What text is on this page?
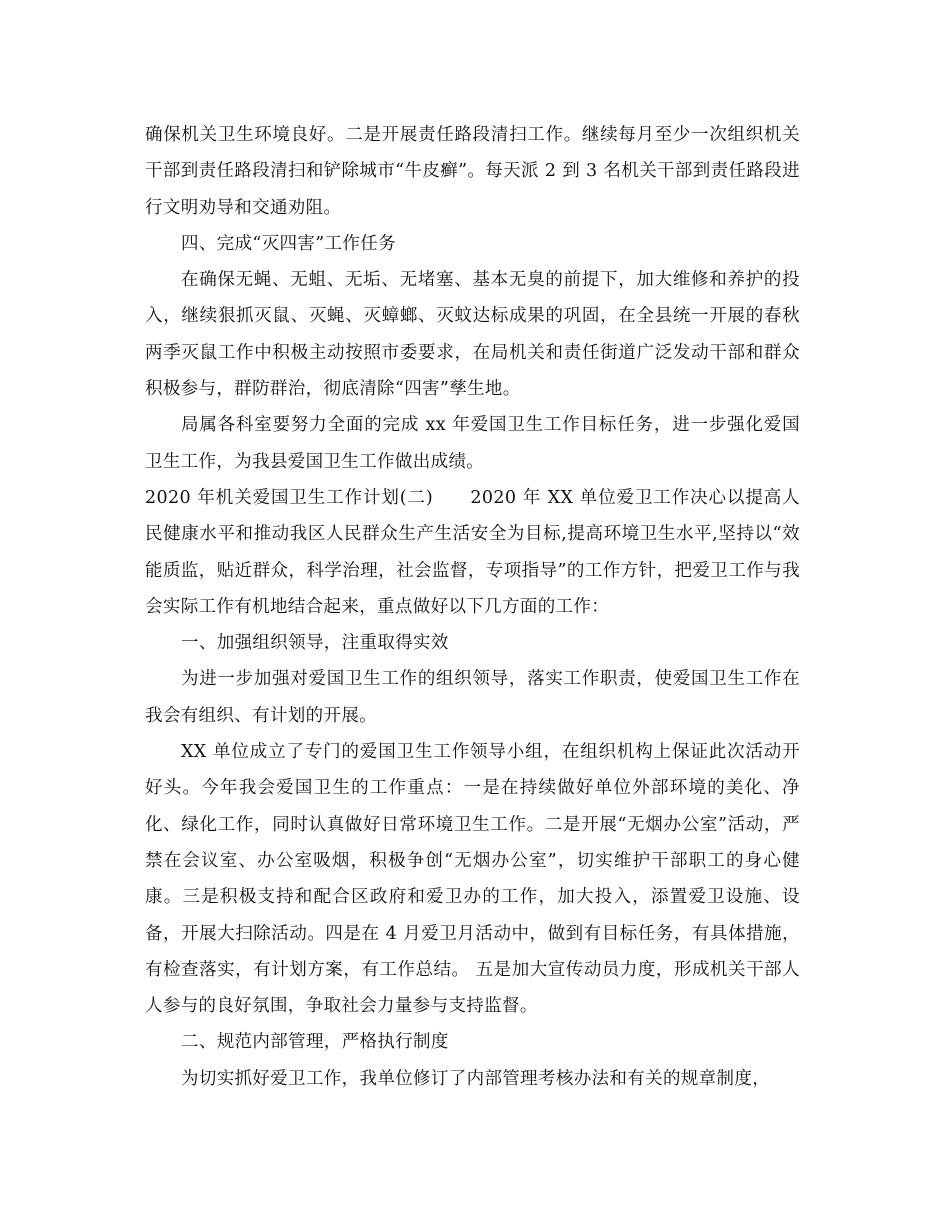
确保机关卫生环境良好。二是开展责任路段清扫工作。继续每月至少一次组织机关干部到责任路段清扫和铲除城市“牛皮癣”。每天派 2 到 3 名机关干部到责任路段进行文明劝导和交通劝阻。

四、完成“灭四害”工作任务

在确保无蝇、无蛆、无垢、无堵塞、基本无臭的前提下，加大维修和养护的投入，继续狠抓灭鼠、灭蝇、灭蟑螂、灭蚊达标成果的巩固，在全县统一开展的春秋两季灭鼠工作中积极主动按照市委要求，在局机关和责任街道广泛发动干部和群众积极参与，群防群治，彻底清除“四害”孳生地。

局属各科室要努力全面的完成 xx 年爱国卫生工作目标任务，进一步强化爱国卫生工作，为我县爱国卫生工作做出成绩。

2020 年机关爱国卫生工作计划(二)　　2020 年 XX 单位爱卫工作决心以提高人民健康水平和推动我区人民群众生产生活安全为目标,提高环境卫生水平,坚持以“效能质监，贴近群众，科学治理，社会监督，专项指导”的工作方针，把爱卫工作与我会实际工作有机地结合起来，重点做好以下几方面的工作：

一、加强组织领导，注重取得实效

为进一步加强对爱国卫生工作的组织领导，落实工作职责，使爱国卫生工作在我会有组织、有计划的开展。

XX 单位成立了专门的爱国卫生工作领导小组，在组织机构上保证此次活动开好头。今年我会爱国卫生的工作重点：一是在持续做好单位外部环境的美化、净化、绿化工作，同时认真做好日常环境卫生工作。二是开展“无烟办公室”活动，严禁在会议室、办公室吸烟，积极争创“无烟办公室”，切实维护干部职工的身心健康。三是积极支持和配合区政府和爱卫办的工作，加大投入，添置爱卫设施、设备，开展大扫除活动。四是在 4 月爱卫月活动中，做到有目标任务，有具体措施，有检查落实，有计划方案，有工作总结。 五是加大宣传动员力度，形成机关干部人人参与的良好氛围，争取社会力量参与支持监督。

二、规范内部管理，严格执行制度

为切实抓好爱卫工作，我单位修订了内部管理考核办法和有关的规章制度，
